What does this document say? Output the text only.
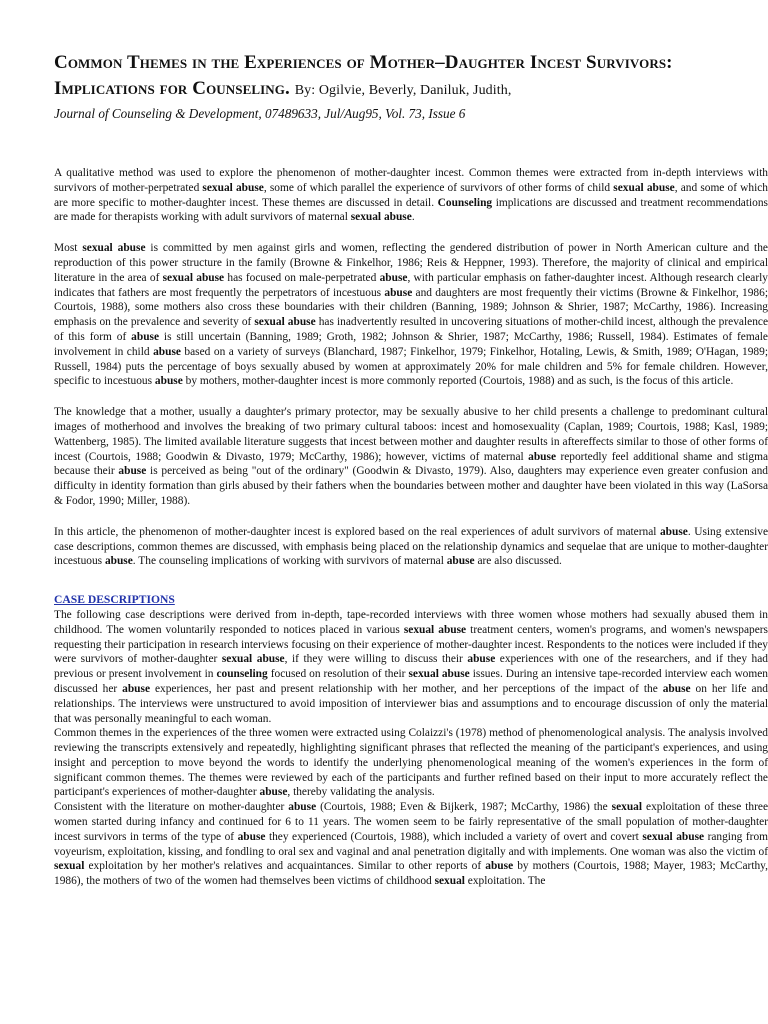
Common Themes in the Experiences of Mother–Daughter Incest Survivors: Implications for Counseling. By: Ogilvie, Beverly, Daniluk, Judith,

Journal of Counseling & Development, 07489633, Jul/Aug95, Vol. 73, Issue 6

A qualitative method was used to explore the phenomenon of mother-daughter incest. Common themes were extracted from in-depth interviews with survivors of mother-perpetrated sexual abuse, some of which parallel the experience of survivors of other forms of child sexual abuse, and some of which are more specific to mother-daughter incest. These themes are discussed in detail. Counseling implications are discussed and treatment recommendations are made for therapists working with adult survivors of maternal sexual abuse.

Most sexual abuse is committed by men against girls and women, reflecting the gendered distribution of power in North American culture and the reproduction of this power structure in the family (Browne & Finkelhor, 1986; Reis & Heppner, 1993). Therefore, the majority of clinical and empirical literature in the area of sexual abuse has focused on male-perpetrated abuse, with particular emphasis on father-daughter incest. Although research clearly indicates that fathers are most frequently the perpetrators of incestuous abuse and daughters are most frequently their victims (Browne & Finkelhor, 1986; Courtois, 1988), some mothers also cross these boundaries with their children (Banning, 1989; Johnson & Shrier, 1987; McCarthy, 1986). Increasing emphasis on the prevalence and severity of sexual abuse has inadvertently resulted in uncovering situations of mother-child incest, although the prevalence of this form of abuse is still uncertain (Banning, 1989; Groth, 1982; Johnson & Shrier, 1987; McCarthy, 1986; Russell, 1984). Estimates of female involvement in child abuse based on a variety of surveys (Blanchard, 1987; Finkelhor, 1979; Finkelhor, Hotaling, Lewis, & Smith, 1989; O'Hagan, 1989; Russell, 1984) puts the percentage of boys sexually abused by women at approximately 20% for male children and 5% for female children. However, specific to incestuous abuse by mothers, mother-daughter incest is more commonly reported (Courtois, 1988) and as such, is the focus of this article.

The knowledge that a mother, usually a daughter's primary protector, may be sexually abusive to her child presents a challenge to predominant cultural images of motherhood and involves the breaking of two primary cultural taboos: incest and homosexuality (Caplan, 1989; Courtois, 1988; Kasl, 1989; Wattenberg, 1985). The limited available literature suggests that incest between mother and daughter results in aftereffects similar to those of other forms of incest (Courtois, 1988; Goodwin & Divasto, 1979; McCarthy, 1986); however, victims of maternal abuse reportedly feel additional shame and stigma because their abuse is perceived as being "out of the ordinary" (Goodwin & Divasto, 1979). Also, daughters may experience even greater confusion and difficulty in identity formation than girls abused by their fathers when the boundaries between mother and daughter have been violated in this way (LaSorsa & Fodor, 1990; Miller, 1988).

In this article, the phenomenon of mother-daughter incest is explored based on the real experiences of adult survivors of maternal abuse. Using extensive case descriptions, common themes are discussed, with emphasis being placed on the relationship dynamics and sequelae that are unique to mother-daughter incestuous abuse. The counseling implications of working with survivors of maternal abuse are also discussed.

CASE DESCRIPTIONS

The following case descriptions were derived from in-depth, tape-recorded interviews with three women whose mothers had sexually abused them in childhood. The women voluntarily responded to notices placed in various sexual abuse treatment centers, women's programs, and women's newspapers requesting their participation in research interviews focusing on their experience of mother-daughter incest. Respondents to the notices were included if they were survivors of mother-daughter sexual abuse, if they were willing to discuss their abuse experiences with one of the researchers, and if they had previous or present involvement in counseling focused on resolution of their sexual abuse issues. During an intensive tape-recorded interview each women discussed her abuse experiences, her past and present relationship with her mother, and her perceptions of the impact of the abuse on her life and relationships. The interviews were unstructured to avoid imposition of interviewer bias and assumptions and to encourage discussion of only the material that was personally meaningful to each woman.

Common themes in the experiences of the three women were extracted using Colaizzi's (1978) method of phenomenological analysis. The analysis involved reviewing the transcripts extensively and repeatedly, highlighting significant phrases that reflected the meaning of the participant's experiences, and using insight and perception to move beyond the words to identify the underlying phenomenological meaning of the women's experiences in the form of significant common themes. The themes were reviewed by each of the participants and further refined based on their input to more accurately reflect the participant's experiences of mother-daughter abuse, thereby validating the analysis.

Consistent with the literature on mother-daughter abuse (Courtois, 1988; Even & Bijkerk, 1987; McCarthy, 1986) the sexual exploitation of these three women started during infancy and continued for 6 to 11 years. The women seem to be fairly representative of the small population of mother-daughter incest survivors in terms of the type of abuse they experienced (Courtois, 1988), which included a variety of overt and covert sexual abuse ranging from voyeurism, exploitation, kissing, and fondling to oral sex and vaginal and anal penetration digitally and with implements. One woman was also the victim of sexual exploitation by her mother's relatives and acquaintances. Similar to other reports of abuse by mothers (Courtois, 1988; Mayer, 1983; McCarthy, 1986), the mothers of two of the women had themselves been victims of childhood sexual exploitation. The
